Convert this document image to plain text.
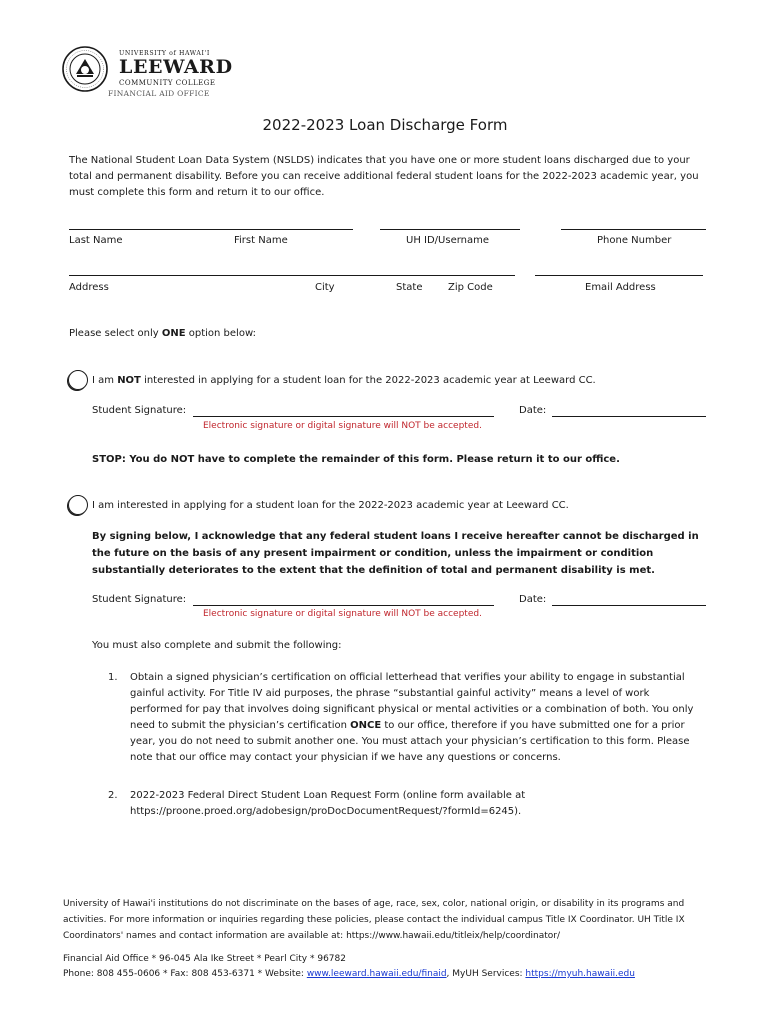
UNIVERSITY of HAWAI'I
LEEWARD
COMMUNITY COLLEGE
FINANCIAL AID OFFICE
2022-2023 Loan Discharge Form
The National Student Loan Data System (NSLDS) indicates that you have one or more student loans discharged due to your total and permanent disability. Before you can receive additional federal student loans for the 2022-2023 academic year, you must complete this form and return it to our office.
Last Name	First Name	UH ID/Username	Phone Number
Address	City	State	Zip Code	Email Address
Please select only ONE option below:
I am NOT interested in applying for a student loan for the 2022-2023 academic year at Leeward CC.
Student Signature:	Date:
Electronic signature or digital signature will NOT be accepted.
STOP: You do NOT have to complete the remainder of this form. Please return it to our office.
I am interested in applying for a student loan for the 2022-2023 academic year at Leeward CC.
By signing below, I acknowledge that any federal student loans I receive hereafter cannot be discharged in the future on the basis of any present impairment or condition, unless the impairment or condition substantially deteriorates to the extent that the definition of total and permanent disability is met.
Student Signature:	Date:
Electronic signature or digital signature will NOT be accepted.
You must also complete and submit the following:
1. Obtain a signed physician’s certification on official letterhead that verifies your ability to engage in substantial gainful activity. For Title IV aid purposes, the phrase “substantial gainful activity” means a level of work performed for pay that involves doing significant physical or mental activities or a combination of both. You only need to submit the physician’s certification ONCE to our office, therefore if you have submitted one for a prior year, you do not need to submit another one. You must attach your physician’s certification to this form. Please note that our office may contact your physician if we have any questions or concerns.
2. 2022-2023 Federal Direct Student Loan Request Form (online form available at https://proone.proed.org/adobesign/proDocDocumentRequest/?formId=6245).
University of Hawai'i institutions do not discriminate on the bases of age, race, sex, color, national origin, or disability in its programs and activities. For more information or inquiries regarding these policies, please contact the individual campus Title IX Coordinator. UH Title IX Coordinators' names and contact information are available at: https://www.hawaii.edu/titleix/help/coordinator/
Financial Aid Office * 96-045 Ala Ike Street * Pearl City * 96782
Phone: 808 455-0606 * Fax: 808 453-6371 * Website: www.leeward.hawaii.edu/finaid, MyUH Services: https://myuh.hawaii.edu
